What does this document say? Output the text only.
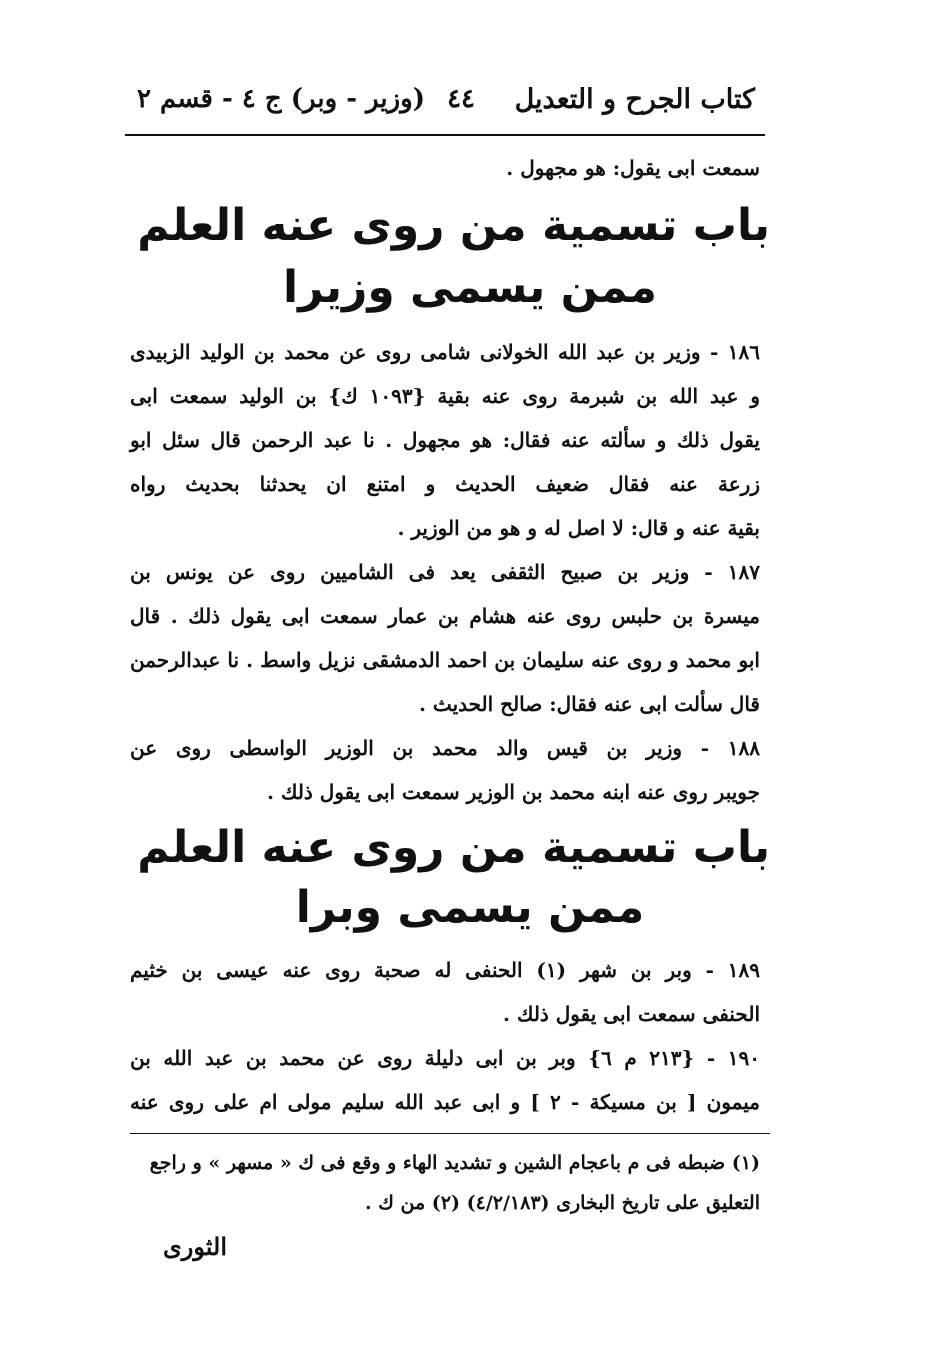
كتاب الجرح و التعديل
٤٤
(وزير - وبر) ج ٤ - قسم ٢
سمعت ابى يقول: هو مجهول .
باب تسمية من روى عنه العلم
ممن يسمى وزيرا
١٨٦ - وزير بن عبد الله الخولانى شامى روى عن محمد بن الوليد الزبيدى
و عبد الله بن شبرمة روى عنه بقية {١٠٩٣ ك} بن الوليد سمعت ابى
يقول ذلك و سألته عنه فقال: هو مجهول . نا عبد الرحمن قال سئل ابو
زرعة عنه فقال ضعيف الحديث و امتنع ان يحدثنا بحديث رواه
بقية عنه و قال: لا اصل له و هو من الوزير .
١٨٧ - وزير بن صبيح الثقفى يعد فى الشاميين روى عن يونس بن
ميسرة بن حلبس روى عنه هشام بن عمار سمعت ابى يقول ذلك . قال
ابو محمد و روى عنه سليمان بن احمد الدمشقى نزيل واسط . نا عبدالرحمن
قال سألت ابى عنه فقال: صالح الحديث .
١٨٨ - وزير بن قيس والد محمد بن الوزير الواسطى روى عن
جويبر روى عنه ابنه محمد بن الوزير سمعت ابى يقول ذلك .
باب تسمية من روى عنه العلم
ممن يسمى وبرا
١٨٩ - وبر بن شهر (١) الحنفى له صحبة روى عنه عيسى بن خثيم
الحنفى سمعت ابى يقول ذلك .
١٩٠ - {٢١٣ م ٦} وبر بن ابى دليلة روى عن محمد بن عبد الله بن
ميمون [ بن مسيكة - ٢ ] و ابى عبد الله سليم مولى ام على روى عنه
(١) ضبطه فى م باعجام الشين و تشديد الهاء و وقع فى ك « مسهر » و راجع
التعليق على تاريخ البخارى (٤/٢/١٨٣) (٢) من ك .
الثورى
